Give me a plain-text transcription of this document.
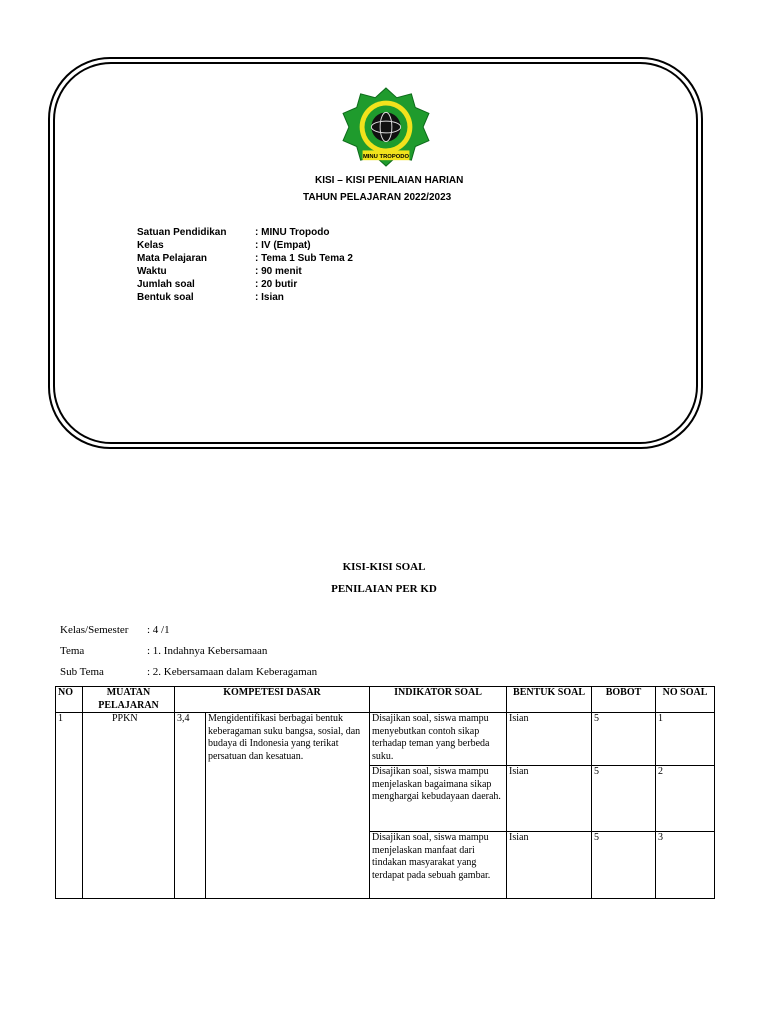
MINU TROPODO
KISI – KISI PENILAIAN HARIAN
TAHUN PELAJARAN 2022/2023
Satuan Pendidikan	: MINU Tropodo
Kelas	: IV (Empat)
Mata Pelajaran	: Tema 1 Sub Tema 2
Waktu	: 90 menit
Jumlah soal	: 20 butir
Bentuk soal	: Isian
KISI-KISI SOAL
PENILAIAN PER KD
Kelas/Semester : 4 /1
Tema	: 1. Indahnya Kebersamaan
Sub Tema	: 2. Kebersamaan dalam Keberagaman
NO	MUATAN PELAJARAN	KOMPETESI DASAR		INDIKATOR SOAL	BENTUK SOAL	BOBOT	NO SOAL
1	PPKN	3,4	Mengidentifikasi berbagai bentuk keberagaman suku bangsa, sosial, dan budaya di Indonesia yang terikat persatuan dan kesatuan.	Disajikan soal, siswa mampu menyebutkan contoh sikap terhadap teman yang berbeda suku.	Isian	5	1
				Disajikan soal, siswa mampu menjelaskan bagaimana sikap menghargai kebudayaan daerah.	Isian	5	2
				Disajikan soal, siswa mampu menjelaskan manfaat dari tindakan masyarakat yang terdapat pada sebuah gambar.	Isian	5	3
